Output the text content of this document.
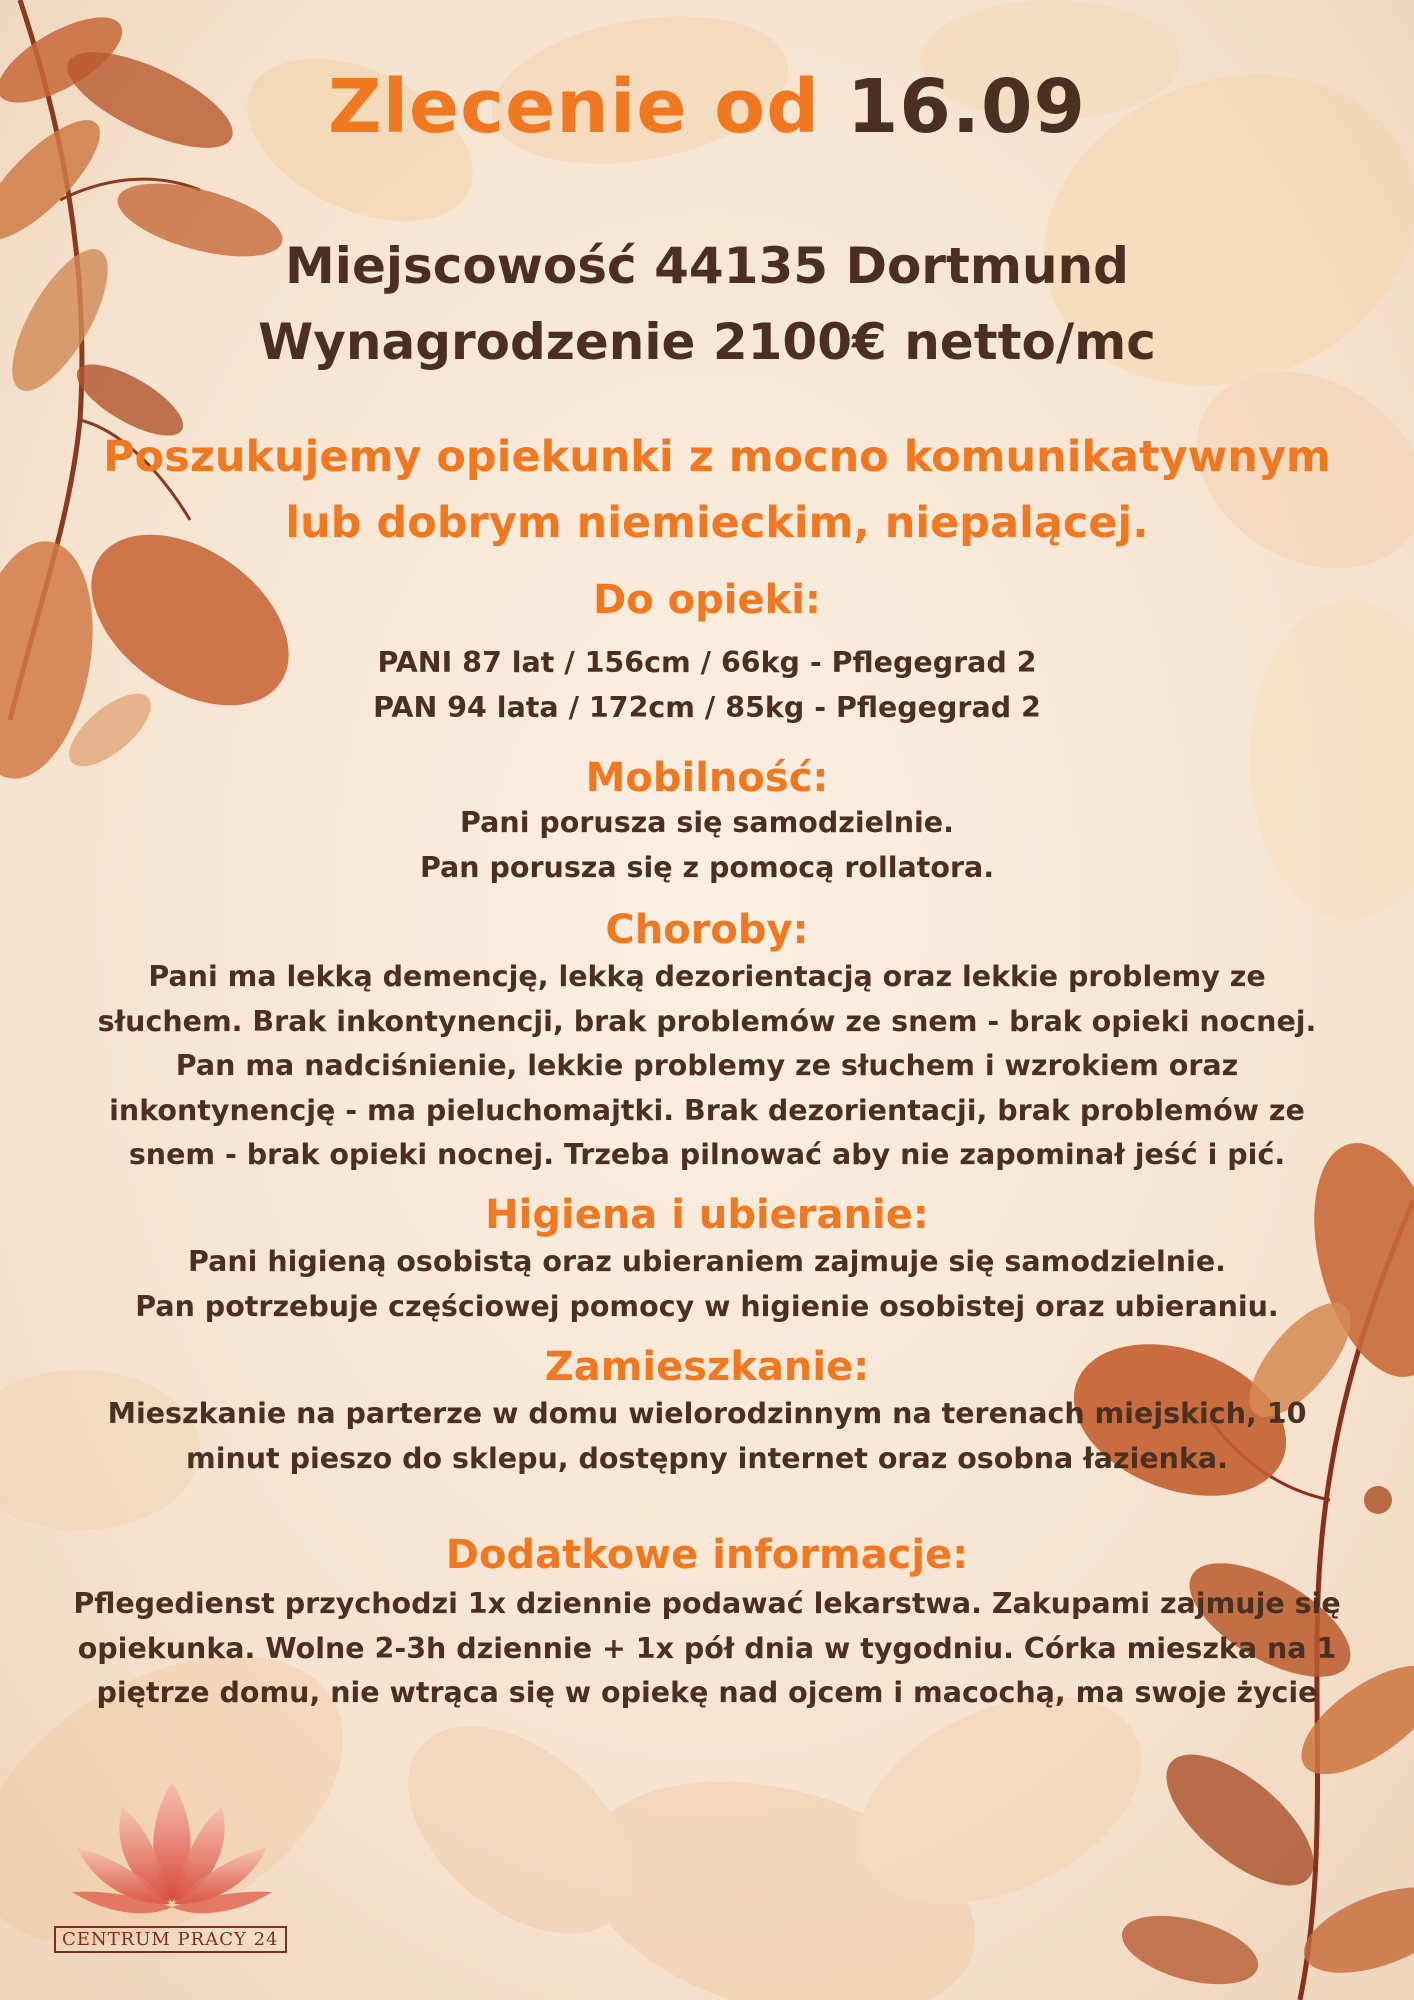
Zlecenie od 16.09
Miejscowość 44135 Dortmund
Wynagrodzenie 2100€ netto/mc
Poszukujemy opiekunki z mocno komunikatywnym
lub dobrym niemieckim, niepalącej.
Do opieki:
PANI 87 lat / 156cm / 66kg - Pflegegrad 2
PAN 94 lata / 172cm / 85kg - Pflegegrad 2
Mobilność:
Pani porusza się samodzielnie.
Pan porusza się z pomocą rollatora.
Choroby:
Pani ma lekką demencję, lekką dezorientacją oraz lekkie problemy ze
słuchem. Brak inkontynencji, brak problemów ze snem - brak opieki nocnej.
Pan ma nadciśnienie, lekkie problemy ze słuchem i wzrokiem oraz
inkontynencję - ma pieluchomajtki. Brak dezorientacji, brak problemów ze
snem - brak opieki nocnej. Trzeba pilnować aby nie zapominał jeść i pić.
Higiena i ubieranie:
Pani higieną osobistą oraz ubieraniem zajmuje się samodzielnie.
Pan potrzebuje częściowej pomocy w higienie osobistej oraz ubieraniu.
Zamieszkanie:
Mieszkanie na parterze w domu wielorodzinnym na terenach miejskich, 10
minut pieszo do sklepu, dostępny internet oraz osobna łazienka.
Dodatkowe informacje:
Pflegedienst przychodzi 1x dziennie podawać lekarstwa. Zakupami zajmuje się
opiekunka. Wolne 2-3h dziennie + 1x pół dnia w tygodniu. Córka mieszka na 1
piętrze domu, nie wtrąca się w opiekę nad ojcem i macochą, ma swoje życie
CENTRUM PRACY 24
